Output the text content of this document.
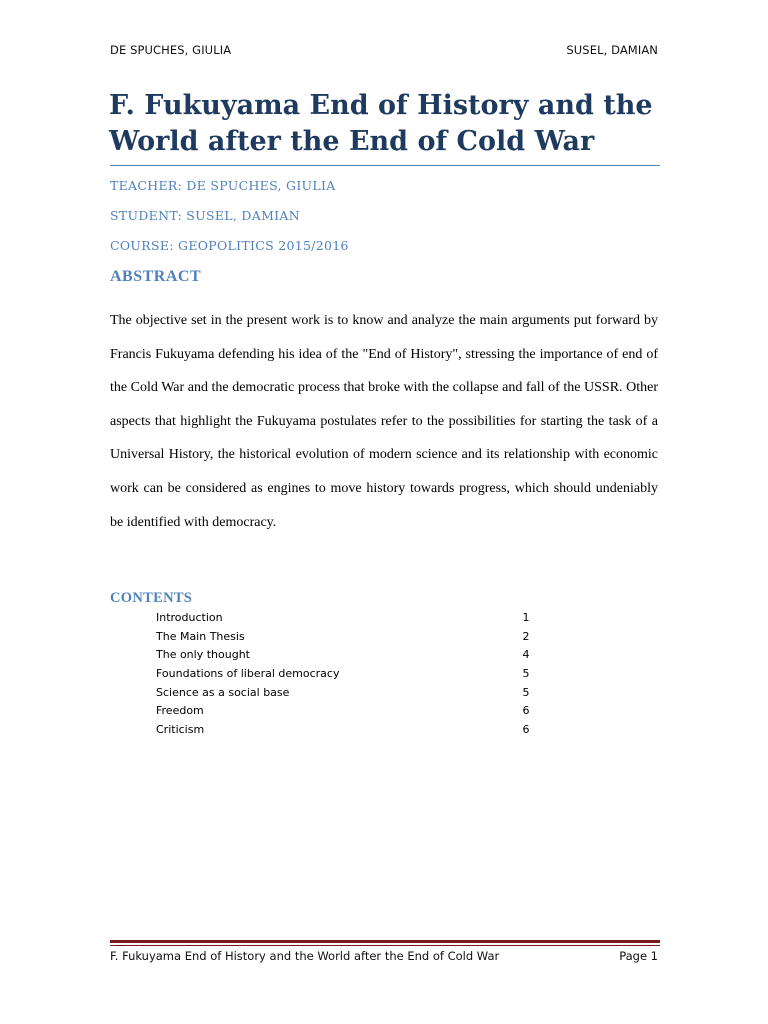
DE SPUCHES, GIULIA	SUSEL, DAMIAN
F. Fukuyama End of History and the World after the End of Cold War
TEACHER: DE SPUCHES, GIULIA
STUDENT: SUSEL, DAMIAN
COURSE: GEOPOLITICS 2015/2016
ABSTRACT

The objective set in the present work is to know and analyze the main arguments put forward by Francis Fukuyama defending his idea of the "End of History", stressing the importance of end of the Cold War and the democratic process that broke with the collapse and fall of the USSR. Other aspects that highlight the Fukuyama postulates refer to the possibilities for starting the task of a Universal History, the historical evolution of modern science and its relationship with economic work can be considered as engines to move history towards progress, which should undeniably be identified with democracy.

CONTENTS
Introduction	1
The Main Thesis	2
The only thought	4
Foundations of liberal democracy	5
Science as a social base	5
Freedom	6
Criticism	6
F. Fukuyama End of History and the World after the End of Cold War	Page 1
